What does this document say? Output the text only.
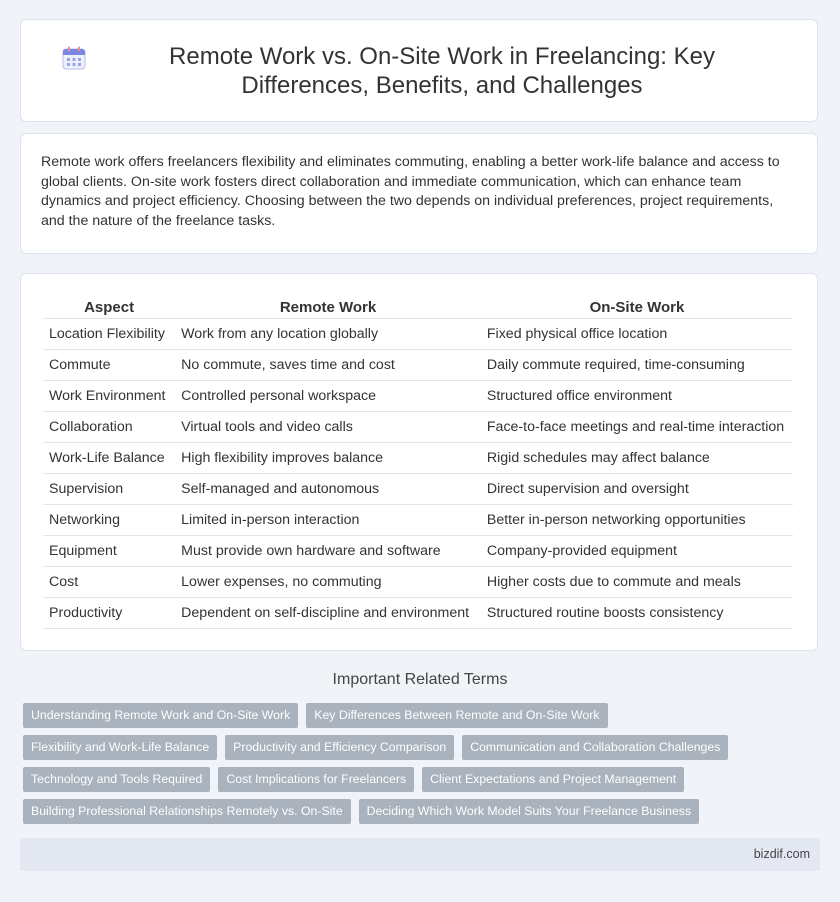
Remote Work vs. On-Site Work in Freelancing: Key Differences, Benefits, and Challenges

Remote work offers freelancers flexibility and eliminates commuting, enabling a better work-life balance and access to global clients. On-site work fosters direct collaboration and immediate communication, which can enhance team dynamics and project efficiency. Choosing between the two depends on individual preferences, project requirements, and the nature of the freelance tasks.

Aspect	Remote Work	On-Site Work
Location Flexibility	Work from any location globally	Fixed physical office location
Commute	No commute, saves time and cost	Daily commute required, time-consuming
Work Environment	Controlled personal workspace	Structured office environment
Collaboration	Virtual tools and video calls	Face-to-face meetings and real-time interaction
Work-Life Balance	High flexibility improves balance	Rigid schedules may affect balance
Supervision	Self-managed and autonomous	Direct supervision and oversight
Networking	Limited in-person interaction	Better in-person networking opportunities
Equipment	Must provide own hardware and software	Company-provided equipment
Cost	Lower expenses, no commuting	Higher costs due to commute and meals
Productivity	Dependent on self-discipline and environment	Structured routine boosts consistency
Important Related Terms
Understanding Remote Work and On-Site Work	Key Differences Between Remote and On-Site Work
Flexibility and Work-Life Balance	Productivity and Efficiency Comparison	Communication and Collaboration Challenges
Technology and Tools Required	Cost Implications for Freelancers	Client Expectations and Project Management
Building Professional Relationships Remotely vs. On-Site	Deciding Which Work Model Suits Your Freelance Business
bizdif.com
